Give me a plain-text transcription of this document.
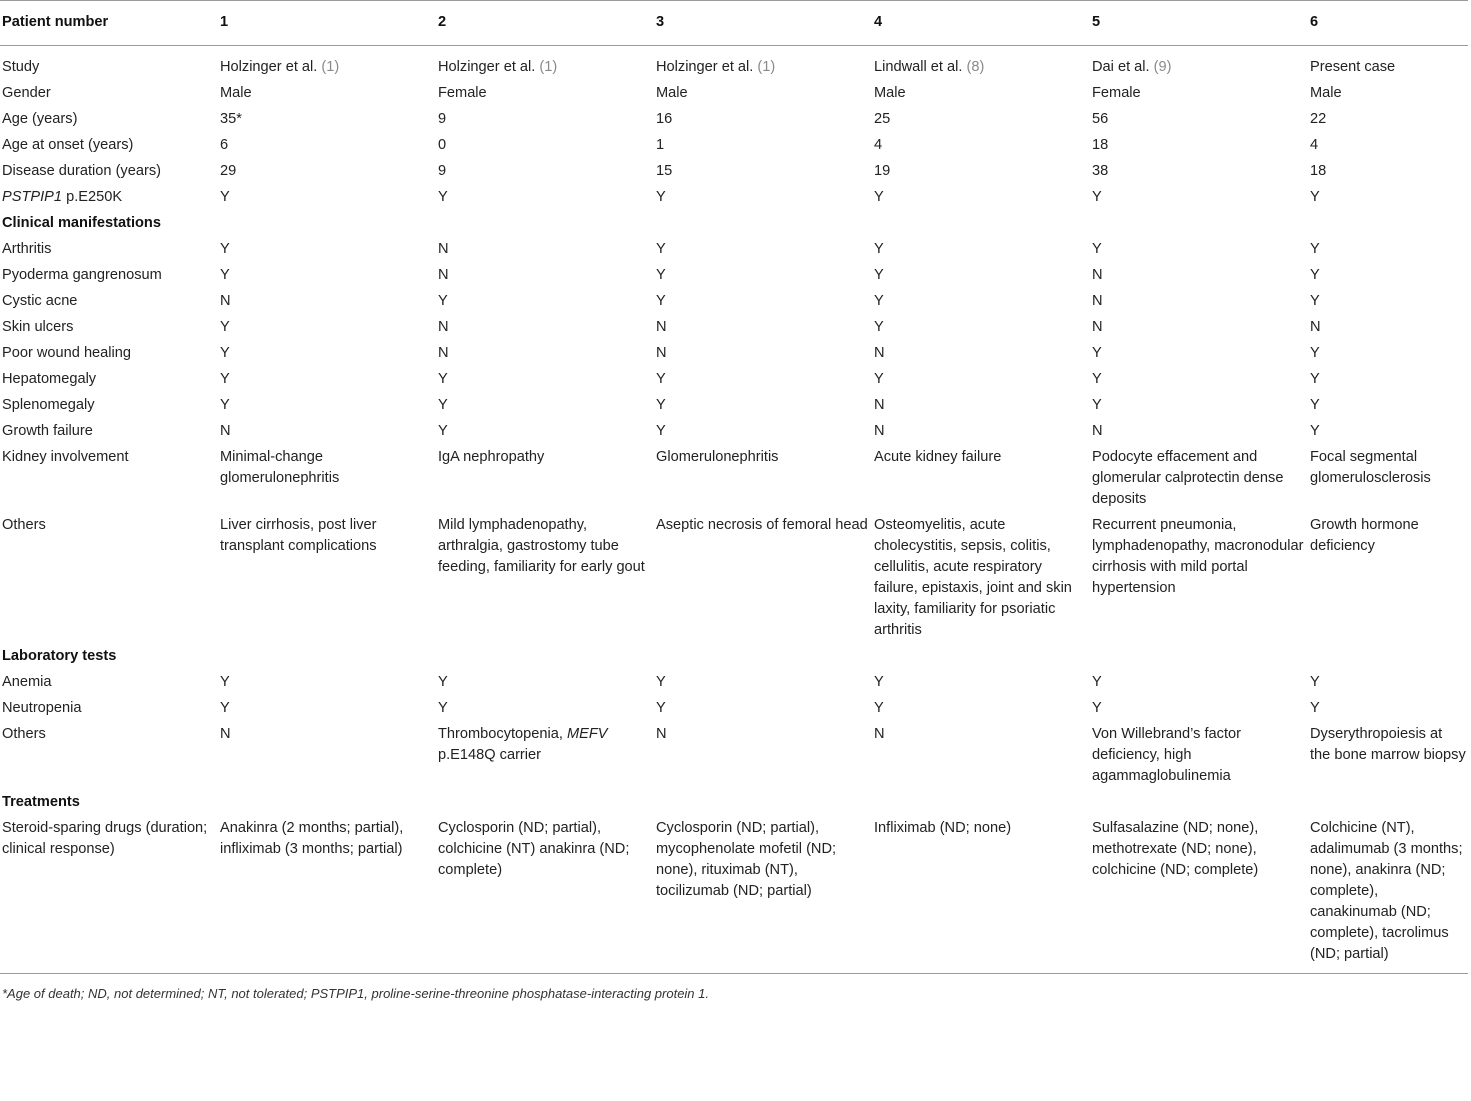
Patient number	1	2	3	4	5	6
Study	Holzinger et al. (1)	Holzinger et al. (1)	Holzinger et al. (1)	Lindwall et al. (8)	Dai et al. (9)	Present case
Gender	Male	Female	Male	Male	Female	Male
Age (years)	35*	9	16	25	56	22
Age at onset (years)	6	0	1	4	18	4
Disease duration (years)	29	9	15	19	38	18
PSTPIP1 p.E250K	Y	Y	Y	Y	Y	Y
Clinical manifestations						
Arthritis	Y	N	Y	Y	Y	Y
Pyoderma gangrenosum	Y	N	Y	Y	N	Y
Cystic acne	N	Y	Y	Y	N	Y
Skin ulcers	Y	N	N	Y	N	N
Poor wound healing	Y	N	N	N	Y	Y
Hepatomegaly	Y	Y	Y	Y	Y	Y
Splenomegaly	Y	Y	Y	N	Y	Y
Growth failure	N	Y	Y	N	N	Y
Kidney involvement	Minimal-change glomerulonephritis	IgA nephropathy	Glomerulonephritis	Acute kidney failure	Podocyte effacement and glomerular calprotectin dense deposits	Focal segmental glomerulosclerosis
Others	Liver cirrhosis, post liver transplant complications	Mild lymphadenopathy, arthralgia, gastrostomy tube feeding, familiarity for early gout	Aseptic necrosis of femoral head	Osteomyelitis, acute cholecystitis, sepsis, colitis, cellulitis, acute respiratory failure, epistaxis, joint and skin laxity, familiarity for psoriatic arthritis	Recurrent pneumonia, lymphadenopathy, macronodular cirrhosis with mild portal hypertension	Growth hormone deficiency
Laboratory tests						
Anemia	Y	Y	Y	Y	Y	Y
Neutropenia	Y	Y	Y	Y	Y	Y
Others	N	Thrombocytopenia, MEFV p.E148Q carrier	N	N	Von Willebrand’s factor deficiency, high agammaglobulinemia	Dyserythropoiesis at the bone marrow biopsy
Treatments						
Steroid-sparing drugs (duration; clinical response)	Anakinra (2 months; partial), infliximab (3 months; partial)	Cyclosporin (ND; partial), colchicine (NT) anakinra (ND; complete)	Cyclosporin (ND; partial), mycophenolate mofetil (ND; none), rituximab (NT), tocilizumab (ND; partial)	Infliximab (ND; none)	Sulfasalazine (ND; none), methotrexate (ND; none), colchicine (ND; complete)	Colchicine (NT), adalimumab (3 months; none), anakinra (ND; complete), canakinumab (ND; complete), tacrolimus (ND; partial)
*Age of death; ND, not determined; NT, not tolerated; PSTPIP1, proline-serine-threonine phosphatase-interacting protein 1.
